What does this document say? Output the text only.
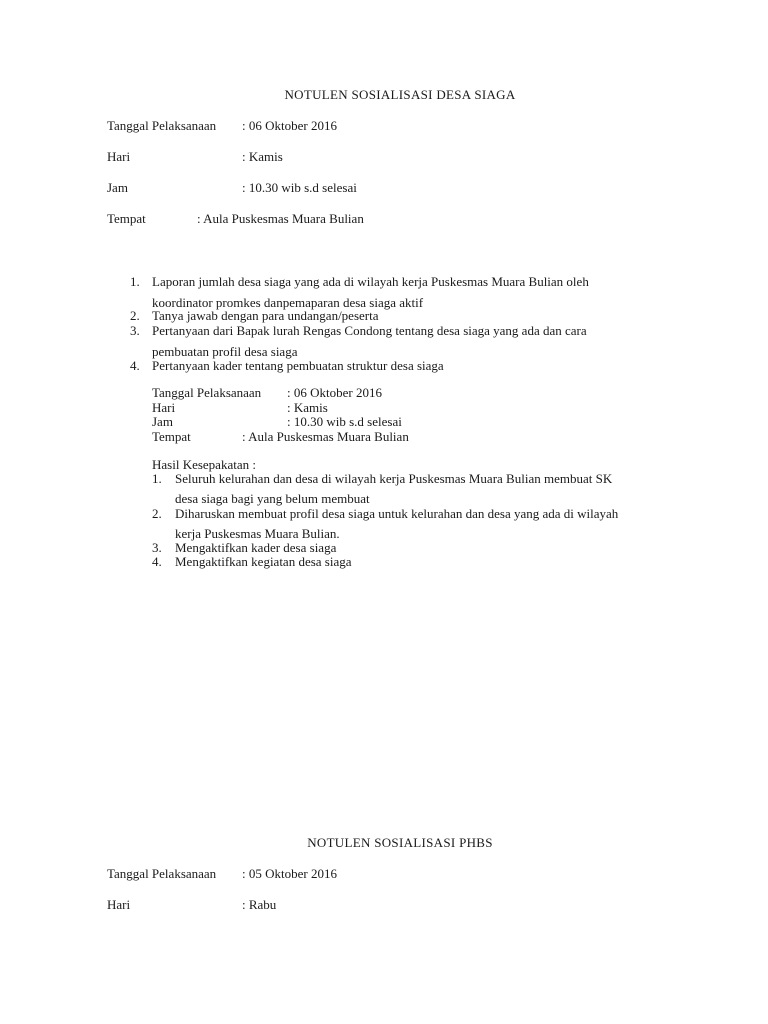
NOTULEN SOSIALISASI DESA SIAGA
Tanggal Pelaksanaan : 06 Oktober 2016
Hari	: Kamis
Jam	: 10.30 wib s.d selesai
Tempat	: Aula Puskesmas Muara Bulian
1. Laporan jumlah desa siaga yang ada di wilayah kerja Puskesmas Muara Bulian oleh
koordinator promkes danpemaparan desa siaga aktif
2. Tanya jawab dengan para undangan/peserta
3. Pertanyaan dari Bapak lurah Rengas Condong tentang desa siaga yang ada dan cara
pembuatan profil desa siaga
4. Pertanyaan kader tentang pembuatan struktur desa siaga
Tanggal Pelaksanaan : 06 Oktober 2016
Hari	: Kamis
Jam	: 10.30 wib s.d selesai
Tempat	: Aula Puskesmas Muara Bulian
Hasil Kesepakatan :
1. Seluruh kelurahan dan desa di wilayah kerja Puskesmas Muara Bulian membuat SK
desa siaga bagi yang belum membuat
2. Diharuskan membuat profil desa siaga untuk kelurahan dan desa yang ada di wilayah
kerja Puskesmas Muara Bulian.
3. Mengaktifkan kader desa siaga
4. Mengaktifkan kegiatan desa siaga
NOTULEN SOSIALISASI PHBS
Tanggal Pelaksanaan : 05 Oktober 2016
Hari	: Rabu
